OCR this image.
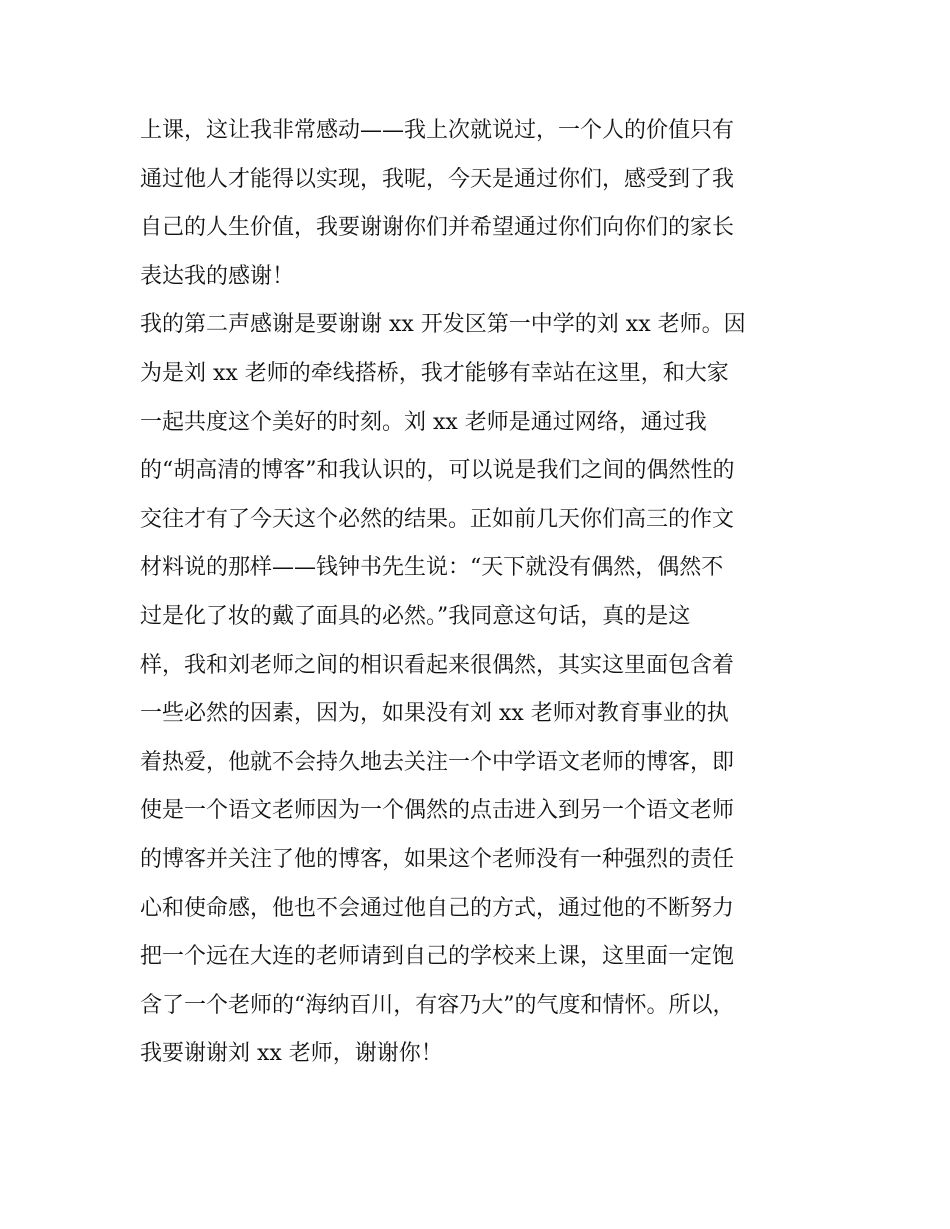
上课，这让我非常感动——我上次就说过，一个人的价值只有
通过他人才能得以实现，我呢，今天是通过你们，感受到了我
自己的人生价值，我要谢谢你们并希望通过你们向你们的家长
表达我的感谢！
我的第二声感谢是要谢谢 xx 开发区第一中学的刘 xx 老师。因
为是刘 xx 老师的牵线搭桥，我才能够有幸站在这里，和大家
一起共度这个美好的时刻。刘 xx 老师是通过网络，通过我
的“胡高清的博客”和我认识的，可以说是我们之间的偶然性的
交往才有了今天这个必然的结果。正如前几天你们高三的作文
材料说的那样——钱钟书先生说：“天下就没有偶然，偶然不
过是化了妆的戴了面具的必然。”我同意这句话，真的是这
样，我和刘老师之间的相识看起来很偶然，其实这里面包含着
一些必然的因素，因为，如果没有刘 xx 老师对教育事业的执
着热爱，他就不会持久地去关注一个中学语文老师的博客，即
使是一个语文老师因为一个偶然的点击进入到另一个语文老师
的博客并关注了他的博客，如果这个老师没有一种强烈的责任
心和使命感，他也不会通过他自己的方式，通过他的不断努力
把一个远在大连的老师请到自己的学校来上课，这里面一定饱
含了一个老师的“海纳百川，有容乃大”的气度和情怀。所以，
我要谢谢刘 xx 老师，谢谢你！
